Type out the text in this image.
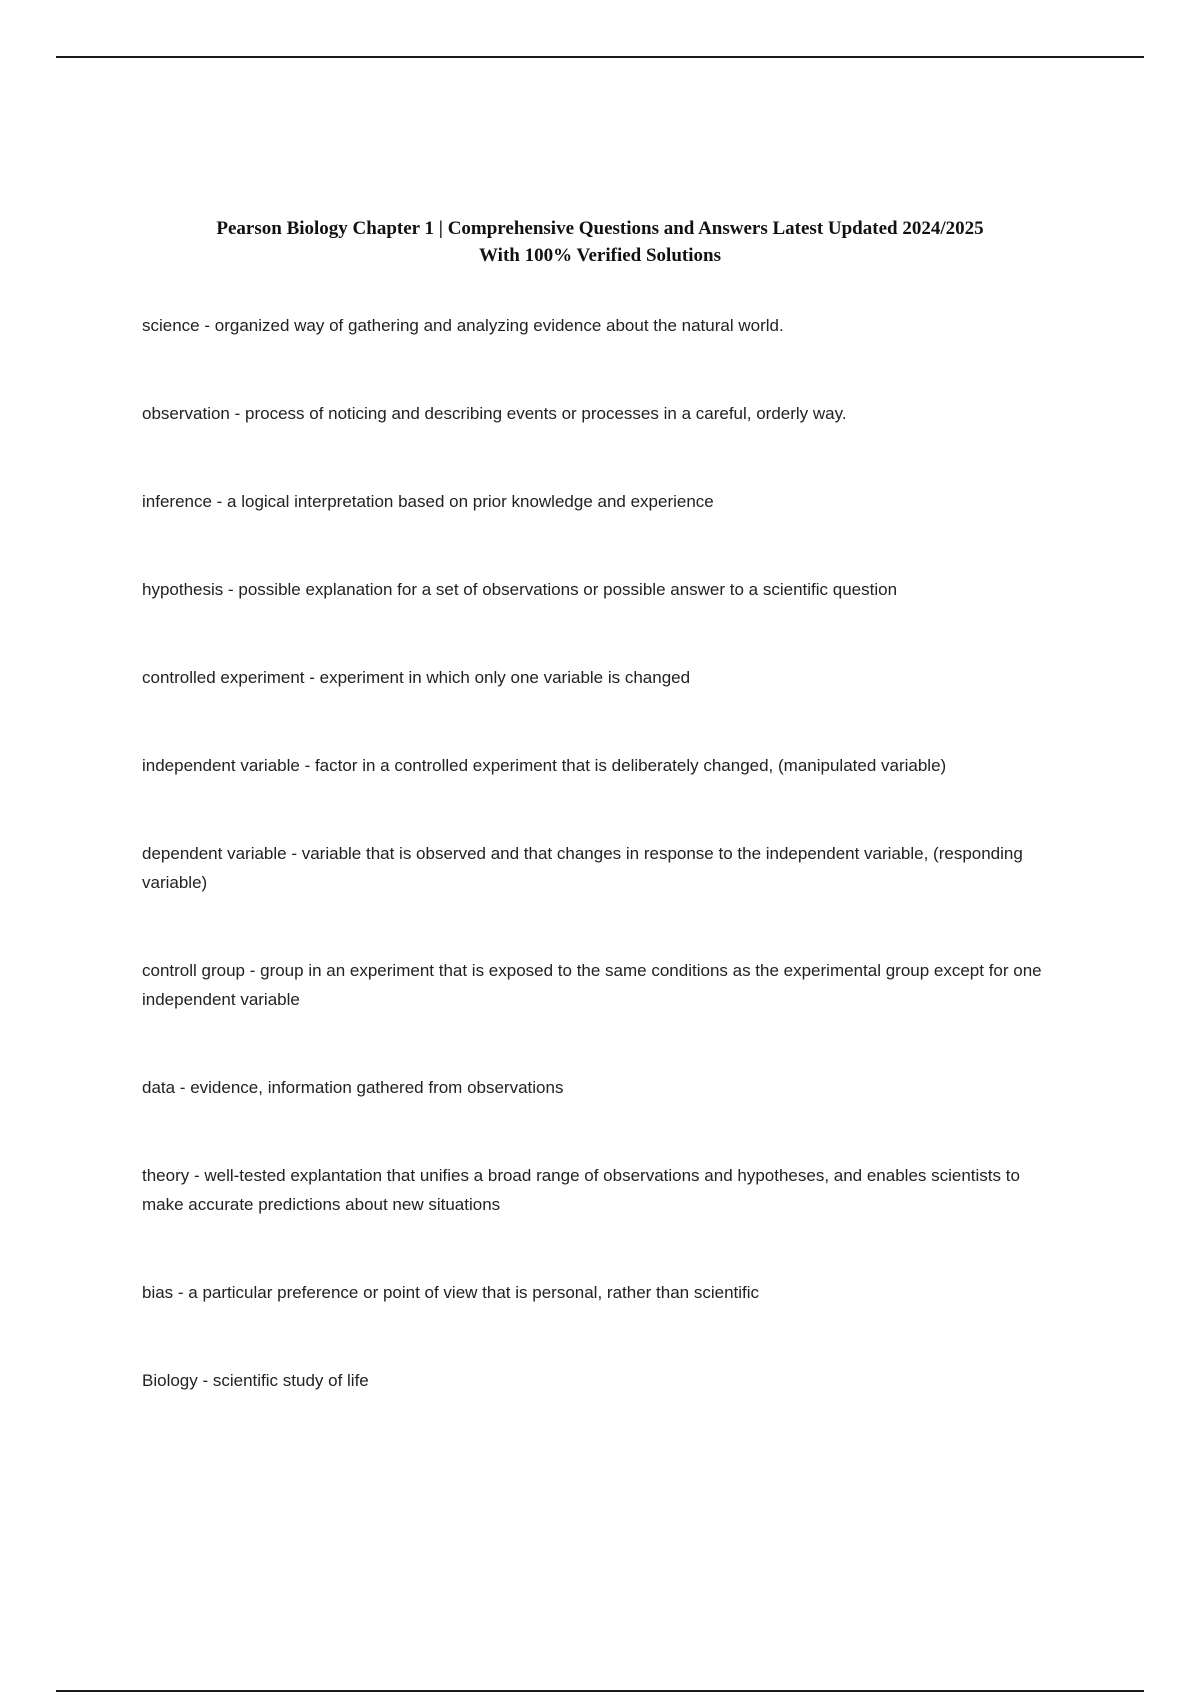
Pearson Biology Chapter 1 | Comprehensive Questions and Answers Latest Updated 2024/2025
With 100% Verified Solutions

science - organized way of gathering and analyzing evidence about the natural world.

observation - process of noticing and describing events or processes in a careful, orderly way.

inference - a logical interpretation based on prior knowledge and experience

hypothesis - possible explanation for a set of observations or possible answer to a scientific question

controlled experiment - experiment in which only one variable is changed

independent variable - factor in a controlled experiment that is deliberately changed, (manipulated variable)

dependent variable - variable that is observed and that changes in response to the independent variable, (responding variable)

controll group - group in an experiment that is exposed to the same conditions as the experimental group except for one independent variable

data - evidence, information gathered from observations

theory - well-tested explantation that unifies a broad range of observations and hypotheses, and enables scientists to make accurate predictions about new situations

bias - a particular preference or point of view that is personal, rather than scientific

Biology - scientific study of life
